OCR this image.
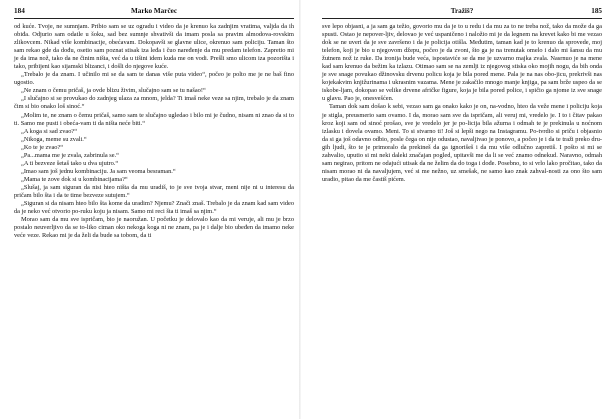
184	Marko Marčec

od kuće. Tvoje, ne sumnjam. Pribio sam se uz ogradu i video da je krenuo ka zadnjim vratima, valjda da ih obiđa. Odjurio sam odatle u šoku, sad bez sumnje shvativši da imam posla sa pravim almodova-rovskim zlikovcem. Nikad više kombinacije, obećavam. Dokopavši se glavne ulice, okrenuo sam policiju. Taman što sam rekao gde da dođu, osetio sam poznat stisak iza leđa i čuo naređenje da mu predam telefon. Zapretio mi je da ima nož, tako da ne činim ništa, već da u tišini idem kuda me on vodi. Prešli smo ulicom iza pozorišta i tako, pribijeni kao sijamski blizanci, i došli do njegove kuće.

„Trebalo je da znam. I učinilo mi se da sam te danas više puta video“, počeo je polto me je ne baš fino ugostio.

„Ne znam o čemu pričaš, ja ovde blizu živim, slučajno sam se tu našao!“

„I slučajno si se provukao do zadnjeg ulaza za mnom, jelda? Ti imaš neke veze sa njim, trebalo je da znam čim si bio onako loš sinoć.“

„Molim te, ne znam o čemu pričaš, samo sam te slučajno ugledao i bilo mi je čudno, nisam ni znao da si to ti. Samo me pusti i obeća-vam ti da ništa neće biti.“

„A koga si sad zvao?“

„Nikoga, meme su zvali.“

„Ko te je zvao?“

„Pa...mama me je zvala, zabrinula se.“

„A ti bezveze šetaš tako u dva ujutro.“

„Imao sam još jednu kombinaciju. Ja sam veoma besraman.“

„Mama te zove dok si u kombinacijama?“

„Slušaj, ja sam siguran da nisi hteo ništa da mu uradiš, to je sve tvoja stvar, meni nije ni u interesu da pričam bilo šta i da te time bezveze sutujem.“

„Siguran si da nisam hteo bilo šta kome da uradim? Njemu? Znači znaš. Trebalo je da znam kad sam video da je neko već otvorio po-ruku koju ja nisam. Samo mi reci šta ti imaš sa njim.“

Morao sam da mu sve ispričam, bio je naoružan. U početku je delovalo kao da mi veruje, ali mu je brzo postalo neuverljivo da se to-liko ciman oko nekoga koga ni ne znam, pa je i dalje bio ubeđen da imamo neke veće veze. Rekao mi je da želi da bude sa tobom, da ti

Tražiš?	185

sve lepo objasni, a ja sam ga težio, govorio mu da je to u redu i da mu za to ne treba nož, tako da može da ga spusti. Ostao je nepover-ljiv, delovao je već uspaničeno i naložio mi je da legnem na krevet kako bi me vezao dok se ne uveri da je sve završeno i da je policija otišla. Međutim, taman kad je to krenuo da sprovede, moj telefon, koji je bio u njegovom džepu, počeo je da zvoni, što ga je na trenutak omelo i dalo mi šansu da mu žutnem nož iz ruke. Da ironija bude veća, ispostaviće se da me je uzvarno majka zvala. Nasrnuo je na mene kad sam krenuo da bežim ka izlazu. Otimao sam se na zemlji iz njegovog stiska oko mojih nogu, da bih onda je sve snage povukao džinovsku drvenu policu koja je bila pored mene. Pala je na nas obo-jicu, prekrivši nas kojekakvim knjižurinama i ukrasnim vazama. Mene je zakačilo mnogo manje knjiga, pa sam brže uspeo da se iskobe-ljam, dokopao se velike drvene afričke figure, koja je bila pored police, i spičio ga njome iz sve snage u glavu. Pao je, onesvešćen.

Taman dok sam došao k sebi, vezao sam ga onako kako je on, na-vodno, hteo da veže mene i policiju koja je stigla, preusmerio sam ovamo. I da, morao sam sve da ispričam, ali veruj mi, vredelo je. I to i čitav pakao kroz koji sam od sinoć prošao, sve je vredelo jer je po-licija bila ažurna i odmah te je prekinula u noćnom izlasku i dovela ovamo. Meni. To si stvarno ti! Još si lepši nego na Instagramu. Po-tvrdio si priču i objasnio da si ga još odavno odbio, posle čega on nije odustao, navaljivao je ponovo, a počeo je i da te traži preko dru-gih ljudi, što te je primoralo da prekineš da ga ignorišeš i da mu više odlučno zapretiš. I pošto si mi se zahvalio, uputio si mi neki daleki značajan pogled, upitavši me da li se već znamo odnekud. Naravno, odmah sam negirao, pritom ne odajući utisak da ne želim da do toga i dođe. Posebno, to si vrlo lako pročitao, tako da nisam morao ni da navaljujem, već si me nežno, uz smešak, ne samo kao znak zahval-nosti za ono što sam uradio, pitao da me častiš pićem.
